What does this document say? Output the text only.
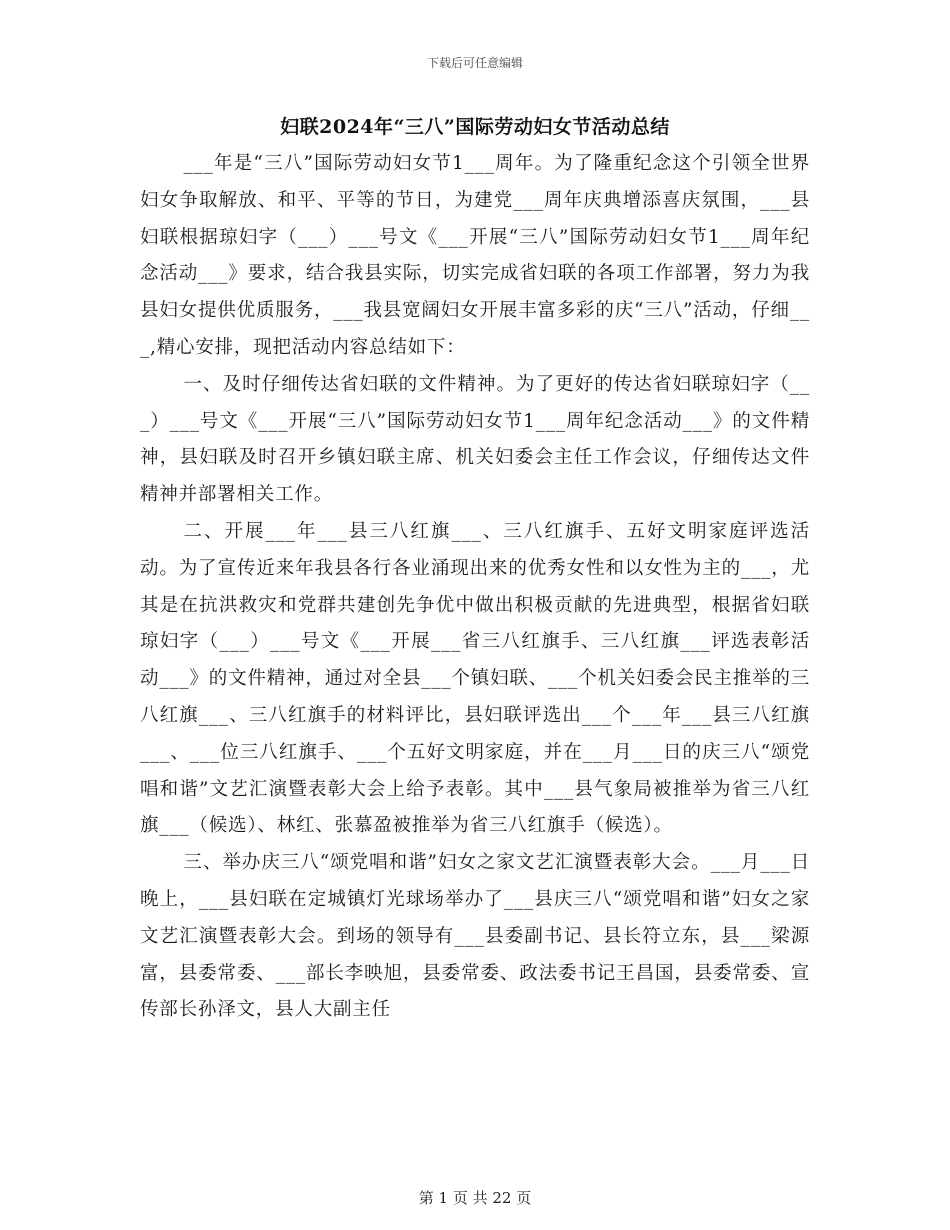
下载后可任意编辑
妇联2024年“三八”国际劳动妇女节活动总结

___年是“三八”国际劳动妇女节1___周年。为了隆重纪念这个引领全世界妇女争取解放、和平、平等的节日，为建党___周年庆典增添喜庆氛围，___县妇联根据琼妇字（___）___号文《___开展“三八”国际劳动妇女节1___周年纪念活动___》要求，结合我县实际，切实完成省妇联的各项工作部署，努力为我县妇女提供优质服务，___我县宽阔妇女开展丰富多彩的庆“三八”活动，仔细___,精心安排，现把活动内容总结如下：

一、及时仔细传达省妇联的文件精神。为了更好的传达省妇联琼妇字（___）___号文《___开展“三八”国际劳动妇女节1___周年纪念活动___》的文件精神，县妇联及时召开乡镇妇联主席、机关妇委会主任工作会议，仔细传达文件精神并部署相关工作。

二、开展___年___县三八红旗___、三八红旗手、五好文明家庭评选活动。为了宣传近来年我县各行各业涌现出来的优秀女性和以女性为主的___，尤其是在抗洪救灾和党群共建创先争优中做出积极贡献的先进典型，根据省妇联琼妇字（___）___号文《___开展___省三八红旗手、三八红旗___评选表彰活动___》的文件精神，通过对全县___个镇妇联、___个机关妇委会民主推举的三八红旗___、三八红旗手的材料评比，县妇联评选出___个___年___县三八红旗___、___位三八红旗手、___个五好文明家庭，并在___月___日的庆三八“颂党唱和谐”文艺汇演暨表彰大会上给予表彰。其中___县气象局被推举为省三八红旗___（候选）、林红、张慕盈被推举为省三八红旗手（候选）。

三、举办庆三八“颂党唱和谐”妇女之家文艺汇演暨表彰大会。___月___日晚上，___县妇联在定城镇灯光球场举办了___县庆三八“颂党唱和谐”妇女之家文艺汇演暨表彰大会。到场的领导有___县委副书记、县长符立东，县___梁源富，县委常委、___部长李映旭，县委常委、政法委书记王昌国，县委常委、宣传部长孙泽文，县人大副主任

第 1 页 共 22 页
